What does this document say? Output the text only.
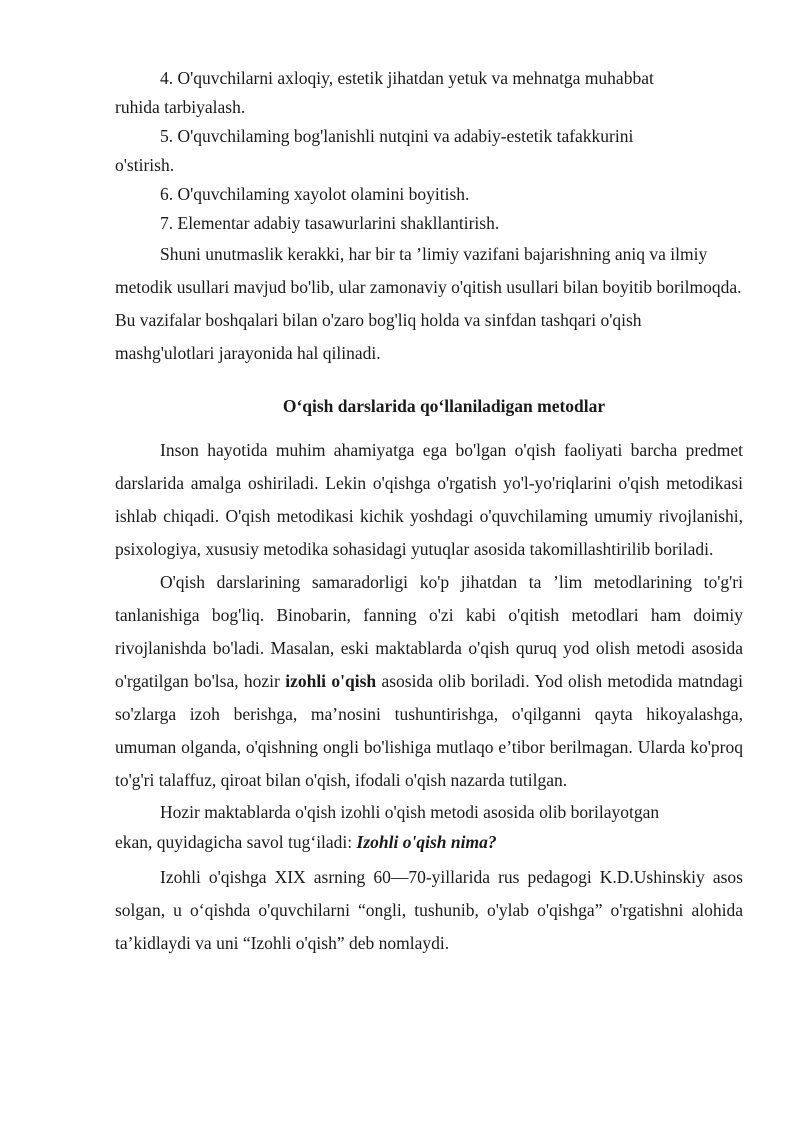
4. O'quvchilarni axloqiy, estetik jihatdan yetuk va mehnatga muhabbat
ruhida tarbiyalash.
5. O'quvchilaming bog'lanishli nutqini va adabiy-estetik tafakkurini
o'stirish.
6. O'quvchilaming xayolot olamini boyitish.
7. Elementar adabiy tasawurlarini shakllantirish.

Shuni unutmaslik kerakki, har bir ta ’limiy vazifani bajarishning aniq va ilmiy metodik usullari mavjud bo'lib, ular zamonaviy o'qitish usullari bilan boyitib borilmoqda. Bu vazifalar boshqalari bilan o'zaro bog'liq holda va sinfdan tashqari o'qish mashg'ulotlari jarayonida hal qilinadi.

O‘qish darslarida qo‘llaniladigan metodlar

Inson hayotida muhim ahamiyatga ega bo'lgan o'qish faoliyati barcha predmet darslarida amalga oshiriladi. Lekin o'qishga o'rgatish yo'l-yo'riqlarini o'qish metodikasi ishlab chiqadi. O'qish metodikasi kichik yoshdagi o'quvchilaming umumiy rivojlanishi, psixologiya, xususiy metodika sohasidagi yutuqlar asosida takomillashtirilib boriladi.

O'qish darslarining samaradorligi ko'p jihatdan ta ’lim metodlarining to'g'ri tanlanishiga bog'liq. Binobarin, fanning o'zi kabi o'qitish metodlari ham doimiy rivojlanishda bo'ladi. Masalan, eski maktablarda o'qish quruq yod olish metodi asosida o'rgatilgan bo'lsa, hozir izohli o'qish asosida olib boriladi. Yod olish metodida matndagi so'zlarga izoh berishga, ma’nosini tushuntirishga, o'qilganni qayta hikoyalashga, umuman olganda, o'qishning ongli bo'lishiga mutlaqo e’tibor berilmagan. Ularda ko'proq to'g'ri talaffuz, qiroat bilan o'qish, ifodali o'qish nazarda tutilgan.

Hozir maktablarda o'qish izohli o'qish metodi asosida olib borilayotgan
ekan, quyidagicha savol tug‘iladi: Izohli o'qish nima?

Izohli o'qishga XIX asrning 60—70-yillarida rus pedagogi K.D.Ushinskiy asos solgan, u o‘qishda o'quvchilarni “ongli, tushunib, o'ylab o'qishga” o'rgatishni alohida ta’kidlaydi va uni “Izohli o'qish” deb nomlaydi.
